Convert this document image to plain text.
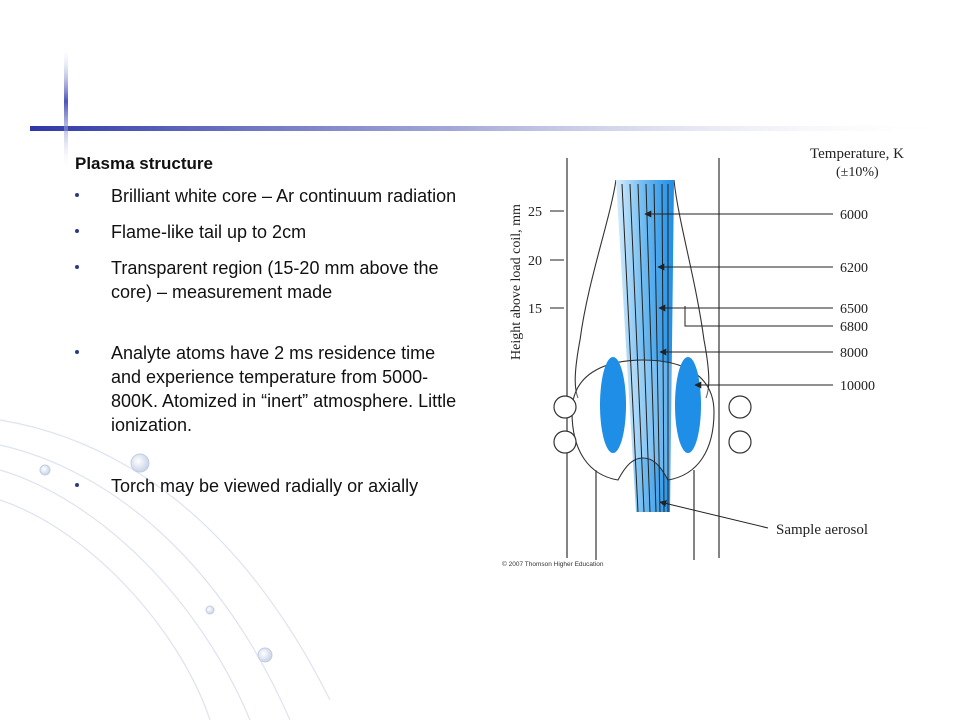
Plasma structure
Brilliant white core – Ar continuum radiation
Flame-like tail up to 2cm
Transparent region (15-20 mm above the core) – measurement made
Analyte atoms have 2 ms residence time and experience temperature from 5000-800K. Atomized in “inert” atmosphere. Little ionization.
Torch may be viewed radially or axially
Temperature, K
(±10%)
Height above load coil, mm 25
20
15
6000
6200
6500
6800
8000
10000
Sample aerosol
© 2007 Thomson Higher Education
